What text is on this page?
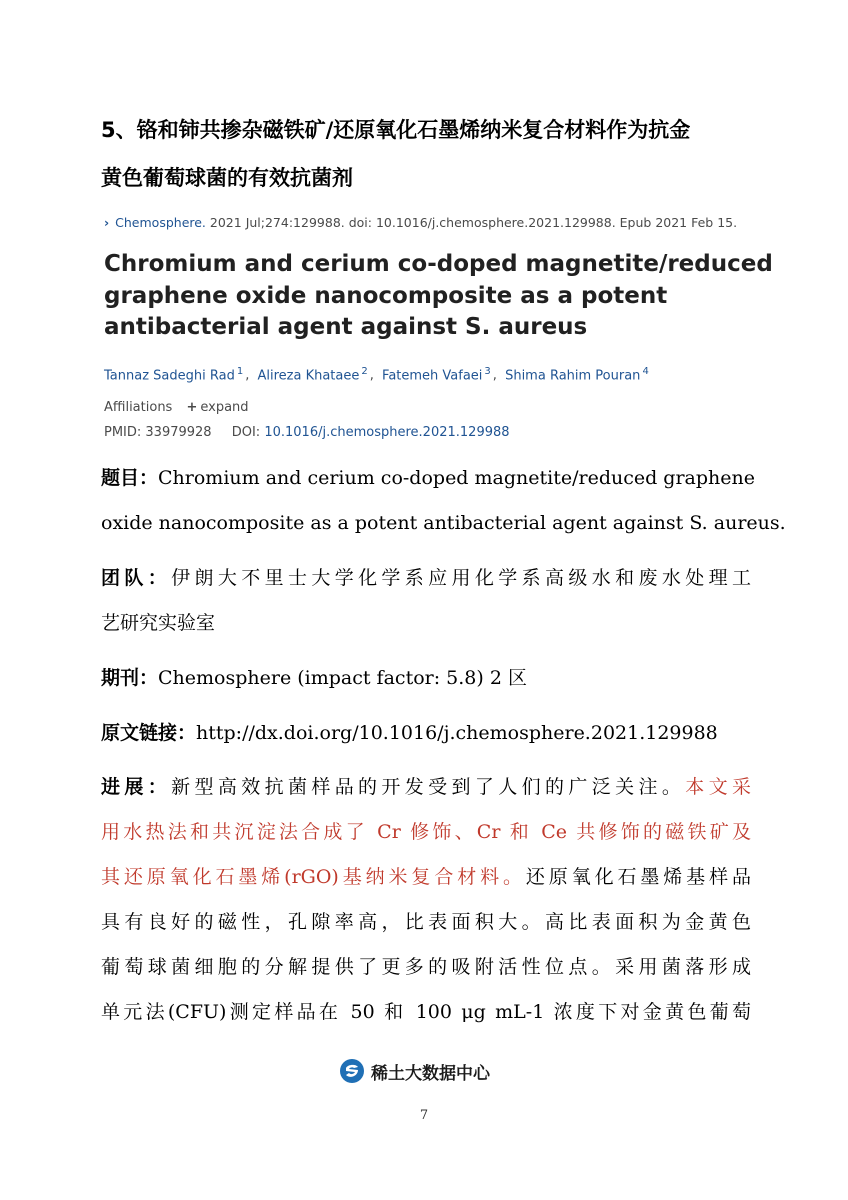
5、铬和铈共掺杂磁铁矿/还原氧化石墨烯纳米复合材料作为抗金
黄色葡萄球菌的有效抗菌剂
› Chemosphere. 2021 Jul;274:129988. doi: 10.1016/j.chemosphere.2021.129988. Epub 2021 Feb 15.
Chromium and cerium co-doped magnetite/reduced
graphene oxide nanocomposite as a potent
antibacterial agent against S. aureus
Tannaz Sadeghi Rad $^1$ , Alireza Khataee $^2$ , Fatemeh Vafaei $^3$ , Shima Rahim Pouran $^4$
Affiliations + expand
PMID: 33979928 DOI: 10.1016/j.chemosphere.2021.129988
题目：Chromium and cerium co-doped magnetite/reduced graphene
oxide nanocomposite as a potent antibacterial agent against S. aureus.
团队：伊朗大不里士大学化学系应用化学系高级水和废水处理工
艺研究实验室
期刊：Chemosphere (impact factor: 5.8) 2 区
原文链接：http://dx.doi.org/10.1016/j.chemosphere.2021.129988
进展：新型高效抗菌样品的开发受到了人们的广泛关注。本文采
用水热法和共沉淀法合成了 Cr 修饰、Cr 和 Ce 共修饰的磁铁矿及
其还原氧化石墨烯(rGO)基纳米复合材料。还原氧化石墨烯基样品
具有良好的磁性，孔隙率高，比表面积大。高比表面积为金黄色
葡萄球菌细胞的分解提供了更多的吸附活性位点。采用菌落形成
单元法(CFU)测定样品在 50 和 100 μg mL-1 浓度下对金黄色葡萄
稀土大数据中心
7
